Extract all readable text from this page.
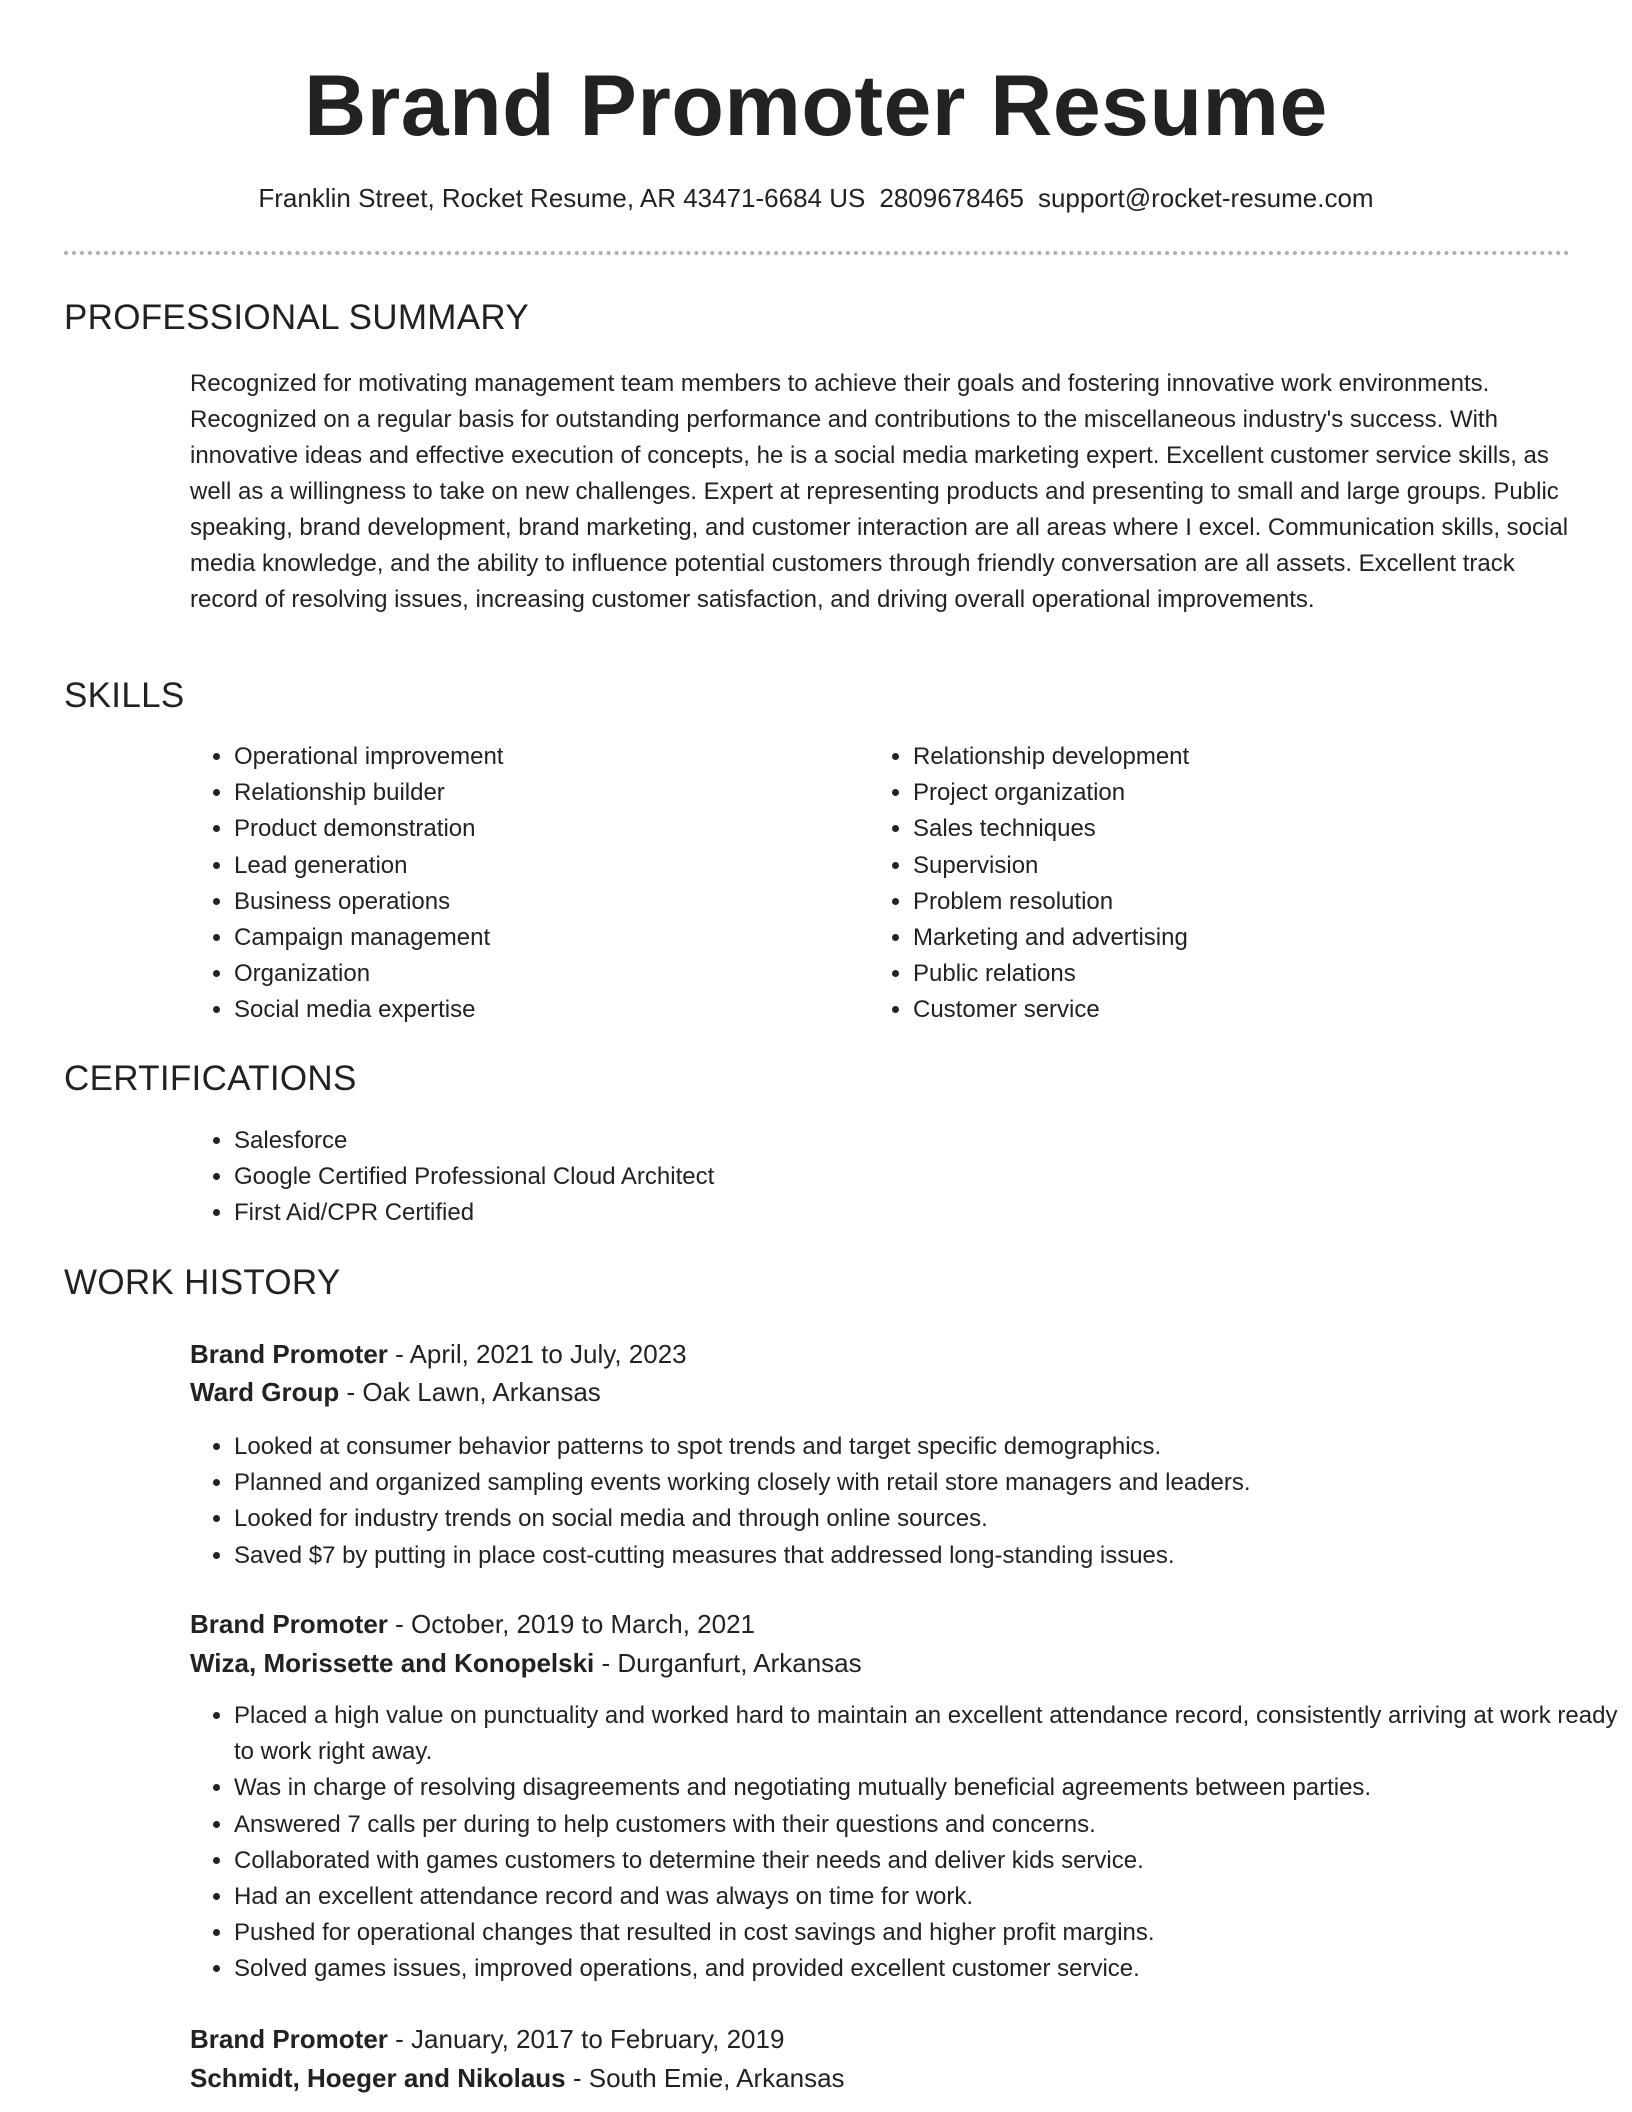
Brand Promoter Resume
Franklin Street, Rocket Resume, AR 43471-6684 US 2809678465 support@rocket-resume.com
PROFESSIONAL SUMMARY

Recognized for motivating management team members to achieve their goals and fostering innovative work environments. Recognized on a regular basis for outstanding performance and contributions to the miscellaneous industry's success. With innovative ideas and effective execution of concepts, he is a social media marketing expert. Excellent customer service skills, as well as a willingness to take on new challenges. Expert at representing products and presenting to small and large groups. Public speaking, brand development, brand marketing, and customer interaction are all areas where I excel. Communication skills, social media knowledge, and the ability to influence potential customers through friendly conversation are all assets. Excellent track record of resolving issues, increasing customer satisfaction, and driving overall operational improvements.

SKILLS
• Operational improvement
• Relationship builder
• Product demonstration
• Lead generation
• Business operations
• Campaign management
• Organization
• Social media expertise
• Relationship development
• Project organization
• Sales techniques
• Supervision
• Problem resolution
• Marketing and advertising
• Public relations
• Customer service
CERTIFICATIONS
• Salesforce
• Google Certified Professional Cloud Architect
• First Aid/CPR Certified
WORK HISTORY
Brand Promoter - April, 2021 to July, 2023
Ward Group - Oak Lawn, Arkansas
• Looked at consumer behavior patterns to spot trends and target specific demographics.
• Planned and organized sampling events working closely with retail store managers and leaders.
• Looked for industry trends on social media and through online sources.
• Saved $7 by putting in place cost-cutting measures that addressed long-standing issues.
Brand Promoter - October, 2019 to March, 2021
Wiza, Morissette and Konopelski - Durganfurt, Arkansas
• Placed a high value on punctuality and worked hard to maintain an excellent attendance record, consistently arriving at work ready to work right away.
• Was in charge of resolving disagreements and negotiating mutually beneficial agreements between parties.
• Answered 7 calls per during to help customers with their questions and concerns.
• Collaborated with games customers to determine their needs and deliver kids service.
• Had an excellent attendance record and was always on time for work.
• Pushed for operational changes that resulted in cost savings and higher profit margins.
• Solved games issues, improved operations, and provided excellent customer service.
Brand Promoter - January, 2017 to February, 2019
Schmidt, Hoeger and Nikolaus - South Emie, Arkansas
